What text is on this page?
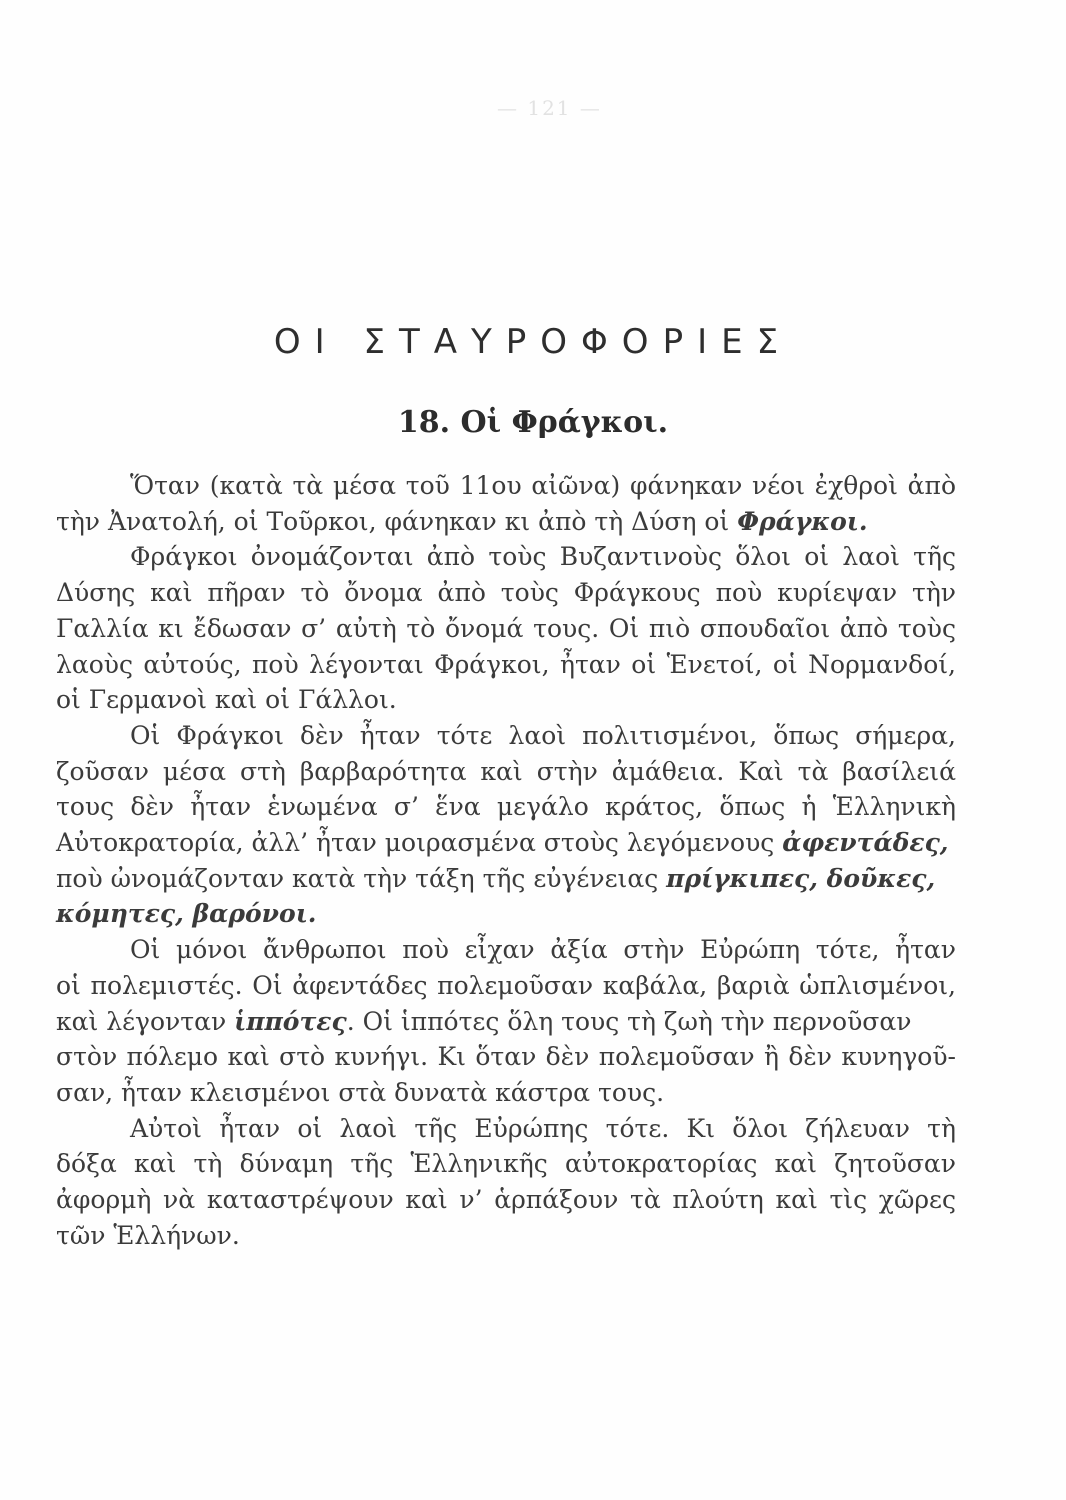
— 121 —
ΟΙ ΣΤΑΥΡΟΦΟΡΙΕΣ
18. Οἱ Φράγκοι.
Ὅταν (κατὰ τὰ μέσα τοῦ 11ου αἰῶνα) φάνηκαν νέοι ἐχθροὶ ἀπὸ
τὴν Ἀνατολή, οἱ Τοῦρκοι, φάνηκαν κι ἀπὸ τὴ Δύση οἱ Φράγκοι.
Φράγκοι ὀνομάζονται ἀπὸ τοὺς Βυζαντινοὺς ὅλοι οἱ λαοὶ τῆς
Δύσης καὶ πῆραν τὸ ὄνομα ἀπὸ τοὺς Φράγκους ποὺ κυρίεψαν τὴν
Γαλλία κι ἔδωσαν σ’ αὐτὴ τὸ ὄνομά τους. Οἱ πιὸ σπουδαῖοι ἀπὸ τοὺς
λαοὺς αὐτούς, ποὺ λέγονται Φράγκοι, ἦταν οἱ Ἑνετοί, οἱ Νορμανδοί,
οἱ Γερμανοὶ καὶ οἱ Γάλλοι.
Οἱ Φράγκοι δὲν ἦταν τότε λαοὶ πολιτισμένοι, ὅπως σήμερα,
ζοῦσαν μέσα στὴ βαρβαρότητα καὶ στὴν ἀμάθεια. Καὶ τὰ βασίλειά
τους δὲν ἦταν ἑνωμένα σ’ ἕνα μεγάλο κράτος, ὅπως ἡ Ἑλληνικὴ
Αὐτοκρατορία, ἀλλ’ ἦταν μοιρασμένα στοὺς λεγόμενους ἀφεντάδες,
ποὺ ὠνομάζονταν κατὰ τὴν τάξη τῆς εὐγένειας πρίγκιπες, δοῦκες,
κόμητες, βαρόνοι.
Οἱ μόνοι ἄνθρωποι ποὺ εἶχαν ἀξία στὴν Εὐρώπη τότε, ἦταν
οἱ πολεμιστές. Οἱ ἀφεντάδες πολεμοῦσαν καβάλα, βαριὰ ὡπλισμένοι,
καὶ λέγονταν ἱππότες. Οἱ ἱππότες ὅλη τους τὴ ζωὴ τὴν περνοῦσαν
στὸν πόλεμο καὶ στὸ κυνήγι. Κι ὅταν δὲν πολεμοῦσαν ἢ δὲν κυνηγοῦ-
σαν, ἦταν κλεισμένοι στὰ δυνατὰ κάστρα τους.
Αὐτοὶ ἦταν οἱ λαοὶ τῆς Εὐρώπης τότε. Κι ὅλοι ζήλευαν τὴ
δόξα καὶ τὴ δύναμη τῆς Ἑλληνικῆς αὐτοκρατορίας καὶ ζητοῦσαν
ἀφορμὴ νὰ καταστρέψουν καὶ ν’ ἁρπάξουν τὰ πλούτη καὶ τὶς χῶρες
τῶν Ἑλλήνων.
